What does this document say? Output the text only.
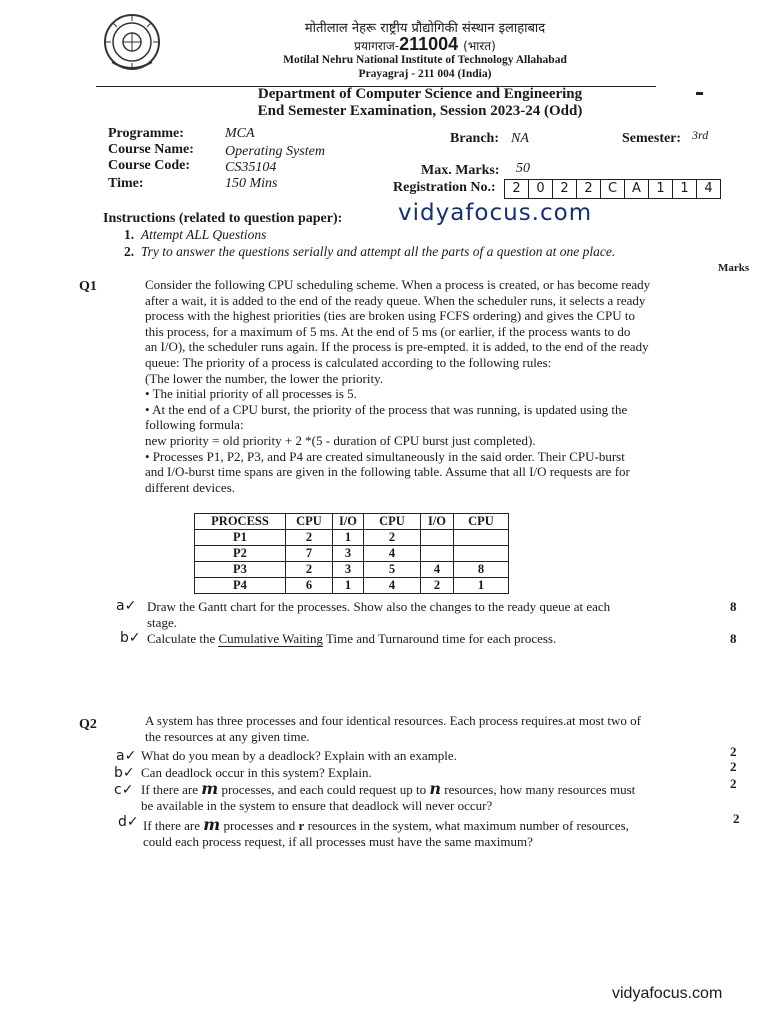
मोतीलाल नेहरू राष्ट्रीय प्रौद्योगिकी संस्थान इलाहाबाद
प्रयागराज-211004 (भारत)
Motilal Nehru National Institute of Technology Allahabad
Prayagraj - 211 004 (India)
Department of Computer Science and Engineering
End Semester Examination, Session 2023-24 (Odd)
Programme:	MCA
Course Name: Operating System
Course Code: CS35104
Time:	150 Mins
Branch: NA	Semester: 3rd
Max. Marks: 50
Registration No.:	2	0	2	2	C	A	1	1	4
vidyafocus.com
Instructions (related to question paper):
1. Attempt ALL Questions
2. Try to answer the questions serially and attempt all the parts of a question at one place.
Marks
Q1	Consider the following CPU scheduling scheme. When a process is created, or has become ready
after a wait, it is added to the end of the ready queue. When the scheduler runs, it selects a ready
process with the highest priorities (ties are broken using FCFS ordering) and gives the CPU to
this process, for a maximum of 5 ms. At the end of 5 ms (or earlier, if the process wants to do
an I/O), the scheduler runs again. If the process is pre-empted. it is added, to the end of the ready
queue: The priority of a process is calculated according to the following rules:
(The lower the number, the lower the priority.
• The initial priority of all processes is 5.
• At the end of a CPU burst, the priority of the process that was running, is updated using the
following formula:
new priority = old priority + 2 *(5 - duration of CPU burst just completed).
• Processes P1, P2, P3, and P4 are created simultaneously in the said order. Their CPU-burst
and I/O-burst time spans are given in the following table. Assume that all I/O requests are for
different devices.
PROCESS	CPU	I/O	CPU	I/O	CPU
P1	2	1	2		
P2	7	3	4		
P3	2	3	5	4	8
P4	6	1	4	2	1
a✓ Draw the Gantt chart for the processes. Show also the changes to the ready queue at each
stage.
8
b✓ Calculate the Cumulative Waiting Time and Turnaround time for each process.	8
Q2	A system has three processes and four identical resources. Each process requires.at most two of
the resources at any given time.
a✓ What do you mean by a deadlock? Explain with an example.	2
b✓ Can deadlock occur in this system? Explain.	2
c✓ If there are m processes, and each could request up to n resources, how many resources must
be available in the system to ensure that deadlock will never occur?
2
d✓ If there are m processes and r resources in the system, what maximum number of resources,
could each process request, if all processes must have the same maximum?
2
vidyafocus.com
